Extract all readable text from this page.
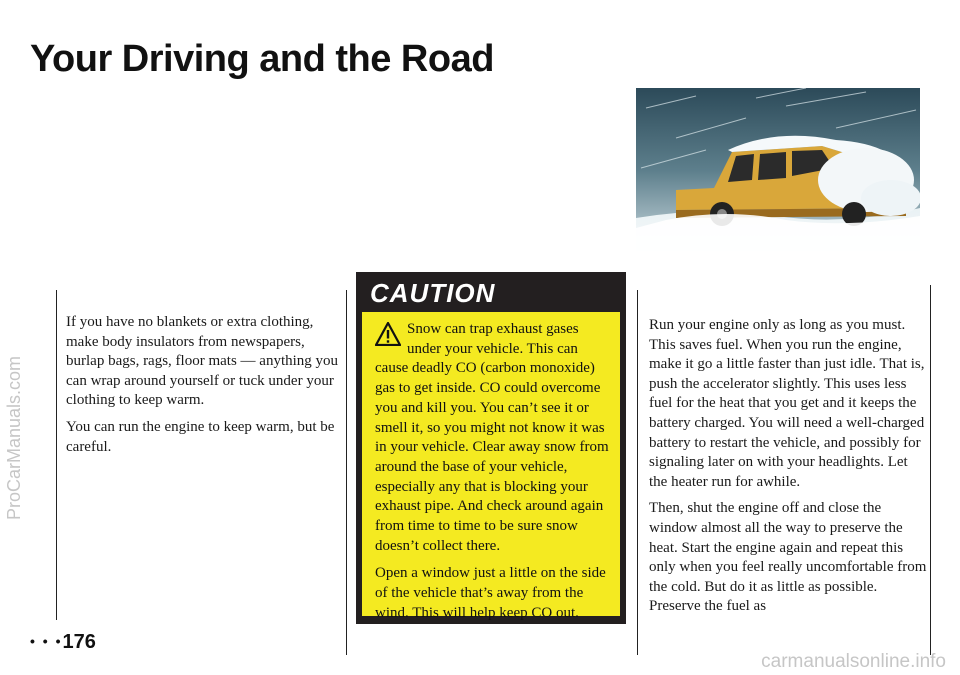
ProCarManuals.com
Your Driving and the Road

If you have no blankets or extra clothing, make body insulators from newspapers, burlap bags, rags, floor mats — anything you can wrap around yourself or tuck under your clothing to keep warm.

You can run the engine to keep warm, but be careful.

CAUTION

Snow can trap exhaust gases under your vehicle. This can cause deadly CO (carbon monoxide) gas to get inside. CO could overcome you and kill you. You can’t see it or smell it, so you might not know it was in your vehicle. Clear away snow from around the base of your vehicle, especially any that is blocking your exhaust pipe. And check around again from time to time to be sure snow doesn’t collect there.

Open a window just a little on the side of the vehicle that’s away from the wind. This will help keep CO out.

Run your engine only as long as you must. This saves fuel. When you run the engine, make it go a little faster than just idle. That is, push the accelerator slightly. This uses less fuel for the heat that you get and it keeps the battery charged. You will need a well-charged battery to restart the vehicle, and possibly for signaling later on with your headlights. Let the heater run for awhile.

Then, shut the engine off and close the window almost all the way to preserve the heat. Start the engine again and repeat this only when you feel really uncomfortable from the cold. But do it as little as possible. Preserve the fuel as

• • •176
carmanualsonline.info
